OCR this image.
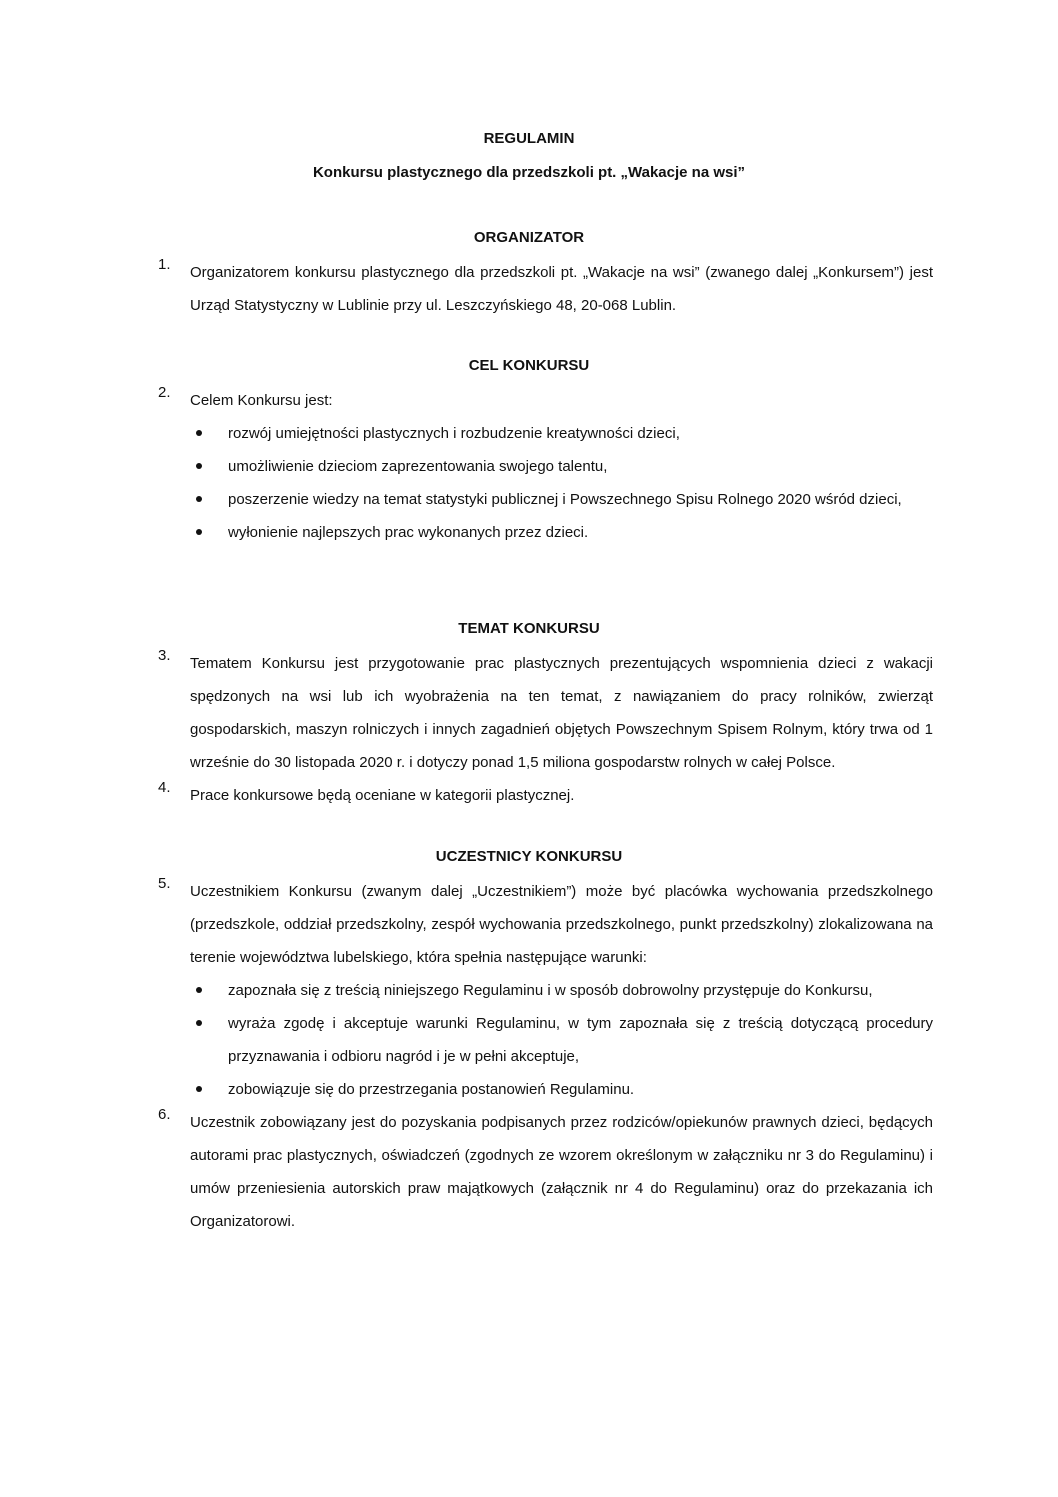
REGULAMIN

Konkursu plastycznego dla przedszkoli pt. „Wakacje na wsi”

ORGANIZATOR

1. Organizatorem konkursu plastycznego dla przedszkoli pt. „Wakacje na wsi” (zwanego dalej „Konkursem”) jest Urząd Statystyczny w Lublinie przy ul. Leszczyńskiego 48, 20-068 Lublin.

CEL KONKURSU

2. Celem Konkursu jest:
rozwój umiejętności plastycznych i rozbudzenie kreatywności dzieci,
umożliwienie dzieciom zaprezentowania swojego talentu,
poszerzenie wiedzy na temat statystyki publicznej i Powszechnego Spisu Rolnego 2020 wśród dzieci,
wyłonienie najlepszych prac wykonanych przez dzieci.

TEMAT KONKURSU

3. Tematem Konkursu jest przygotowanie prac plastycznych prezentujących wspomnienia dzieci z wakacji spędzonych na wsi lub ich wyobrażenia na ten temat, z nawiązaniem do pracy rolników, zwierząt gospodarskich, maszyn rolniczych i innych zagadnień objętych Powszechnym Spisem Rolnym, który trwa od 1 wrześnie do 30 listopada 2020 r. i dotyczy ponad 1,5 miliona gospodarstw rolnych w całej Polsce.
4. Prace konkursowe będą oceniane w kategorii plastycznej.

UCZESTNICY KONKURSU

5. Uczestnikiem Konkursu (zwanym dalej „Uczestnikiem”) może być placówka wychowania przedszkolnego (przedszkole, oddział przedszkolny, zespół wychowania przedszkolnego, punkt przedszkolny) zlokalizowana na terenie województwa lubelskiego, która spełnia następujące warunki:
zapoznała się z treścią niniejszego Regulaminu i w sposób dobrowolny przystępuje do Konkursu,
wyraża zgodę i akceptuje warunki Regulaminu, w tym zapoznała się z treścią dotyczącą procedury przyznawania i odbioru nagród i je w pełni akceptuje,
zobowiązuje się do przestrzegania postanowień Regulaminu.
6. Uczestnik zobowiązany jest do pozyskania podpisanych przez rodziców/opiekunów prawnych dzieci, będących autorami prac plastycznych, oświadczeń (zgodnych ze wzorem określonym w załączniku nr 3 do Regulaminu) i umów przeniesienia autorskich praw majątkowych (załącznik nr 4 do Regulaminu) oraz do przekazania ich Organizatorowi.
